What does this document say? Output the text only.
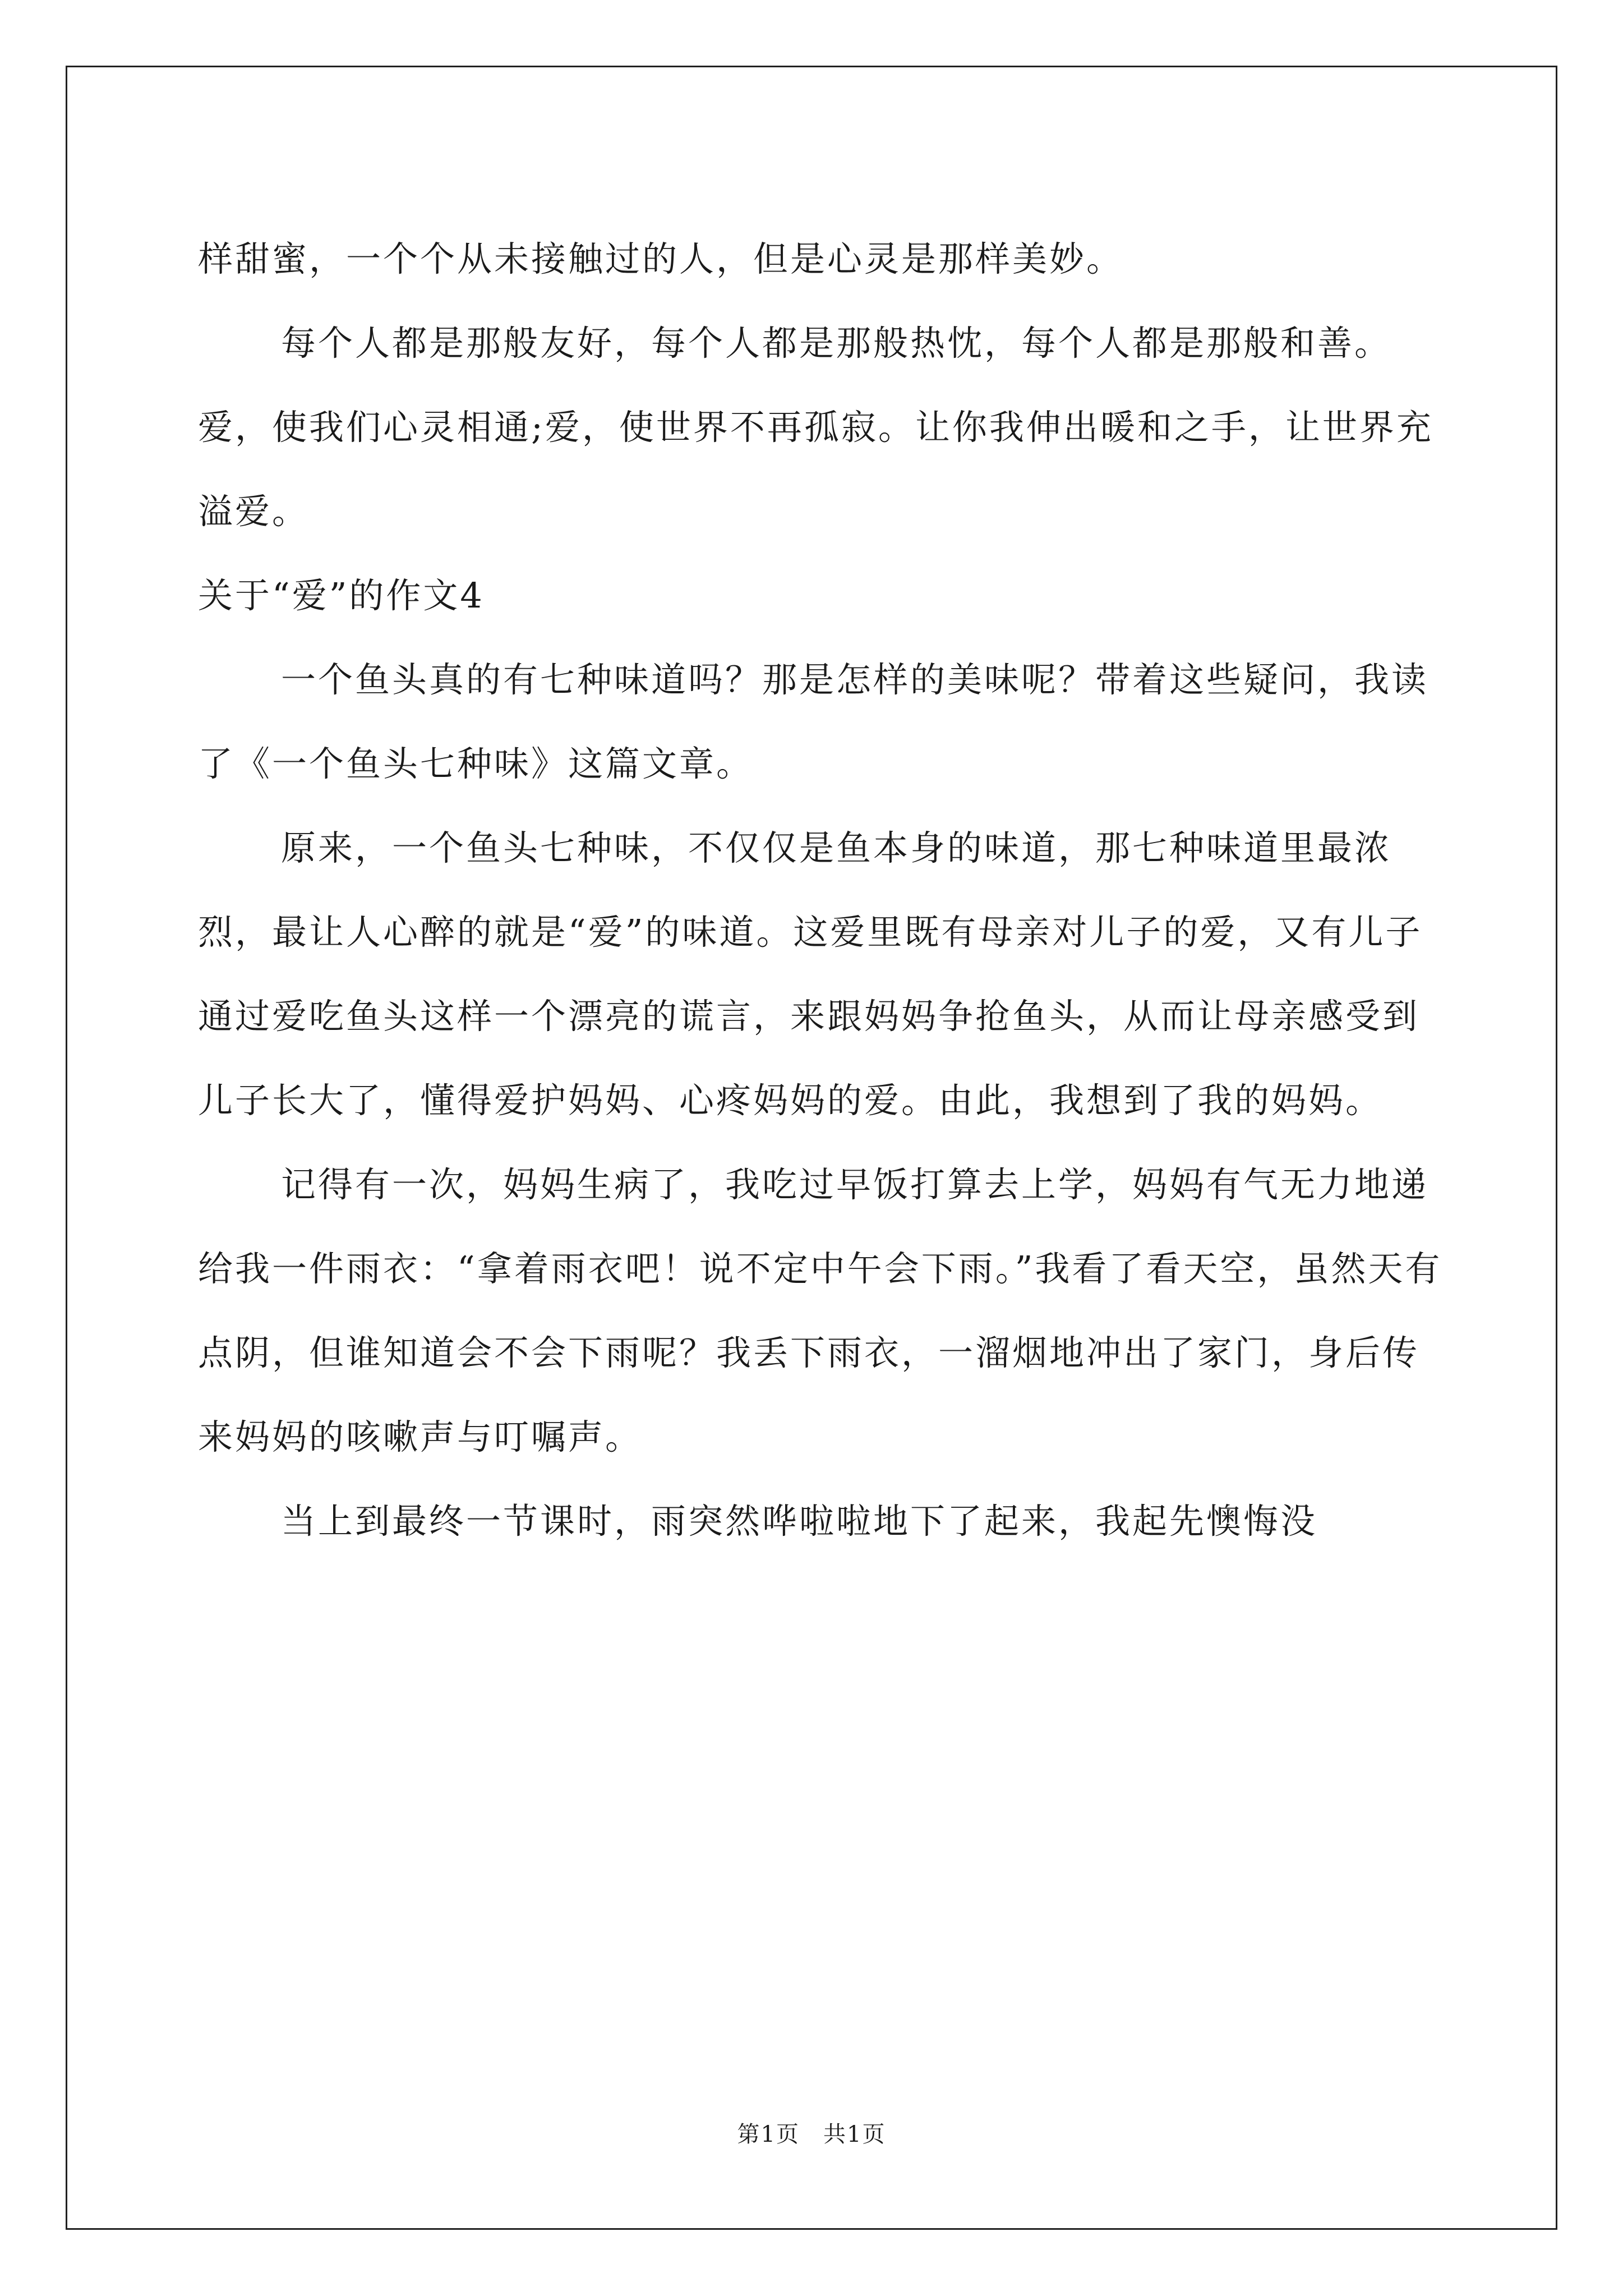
样甜蜜，一个个从未接触过的人，但是心灵是那样美妙。

每个人都是那般友好，每个人都是那般热忱，每个人都是那般和善。爱，使我们心灵相通;爱，使世界不再孤寂。让你我伸出暖和之手，让世界充溢爱。

关于“爱”的作文4

一个鱼头真的有七种味道吗？那是怎样的美味呢？带着这些疑问，我读了《一个鱼头七种味》这篇文章。

原来，一个鱼头七种味，不仅仅是鱼本身的味道，那七种味道里最浓烈，最让人心醉的就是“爱”的味道。这爱里既有母亲对儿子的爱，又有儿子通过爱吃鱼头这样一个漂亮的谎言，来跟妈妈争抢鱼头，从而让母亲感受到儿子长大了，懂得爱护妈妈、心疼妈妈的爱。由此，我想到了我的妈妈。

记得有一次，妈妈生病了，我吃过早饭打算去上学，妈妈有气无力地递给我一件雨衣：“拿着雨衣吧！说不定中午会下雨。”我看了看天空，虽然天有点阴，但谁知道会不会下雨呢？我丢下雨衣，一溜烟地冲出了家门，身后传来妈妈的咳嗽声与叮嘱声。

当上到最终一节课时，雨突然哗啦啦地下了起来，我起先懊悔没

第1页　共1页
